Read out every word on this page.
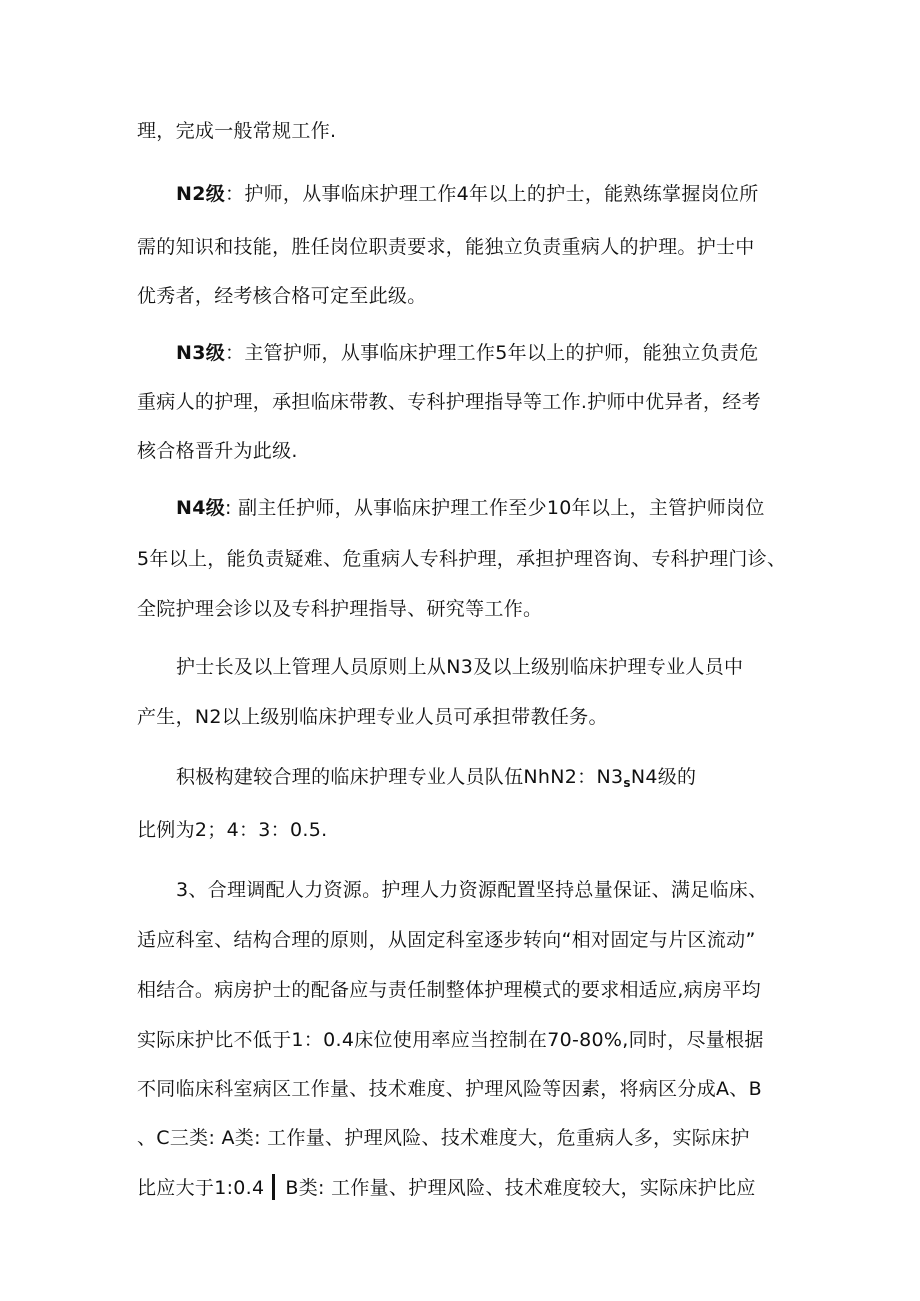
理，完成一般常规工作.
N2级：护师，从事临床护理工作4年以上的护士，能熟练掌握岗位所
需的知识和技能，胜任岗位职责要求，能独立负责重病人的护理。护士中
优秀者，经考核合格可定至此级。
N3级：主管护师，从事临床护理工作5年以上的护师，能独立负责危
重病人的护理，承担临床带教、专科护理指导等工作.护师中优异者，经考
核合格晋升为此级.
N4级: 副主任护师，从事临床护理工作至少10年以上，主管护师岗位
5年以上，能负责疑难、危重病人专科护理，承担护理咨询、专科护理门诊、
全院护理会诊以及专科护理指导、研究等工作。
护士长及以上管理人员原则上从N3及以上级别临床护理专业人员中
产生，N2以上级别临床护理专业人员可承担带教任务。
积极构建较合理的临床护理专业人员队伍NhN2：$N3_sN4$级的
比例为2；4：3：0.5.
3、合理调配人力资源。护理人力资源配置坚持总量保证、满足临床、
适应科室、结构合理的原则，从固定科室逐步转向“相对固定与片区流动”
相结合。病房护士的配备应与责任制整体护理模式的要求相适应,病房平均
实际床护比不低于1：0.4床位使用率应当控制在70-80%,同时，尽量根据
不同临床科室病区工作量、技术难度、护理风险等因素，将病区分成A、B
、C三类: A类: 工作量、护理风险、技术难度大，危重病人多，实际床护
比应大于1:0.4 B类: 工作量、护理风险、技术难度较大，实际床护比应
